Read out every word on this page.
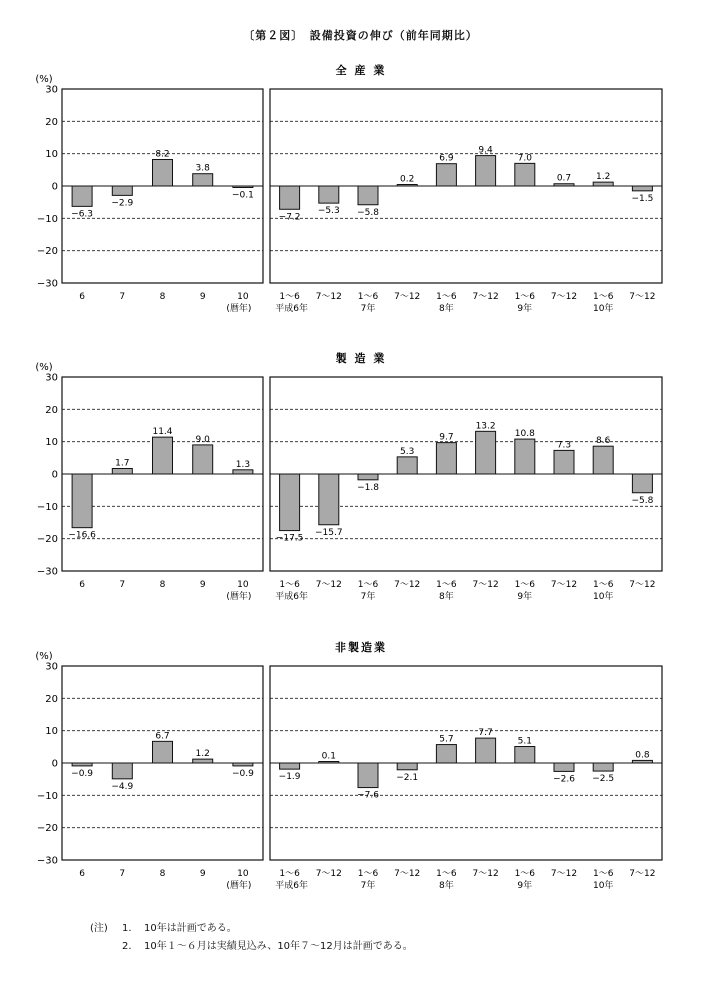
〔第２図〕　設備投資の伸び（前年同期比）
全 産 業
(%)
30
20
10
0
−10
−20
−30
−6.3
6
−2.9
7
8.2
8
3.8
9
−0.1
10
(暦年)
−7.2
1～6
平成6年
−5.3
7～12
−5.8
1～6
7年
0.2
7～12
6.9
1～6
8年
9.4
7～12
7.0
1～6
9年
0.7
7～12
1.2
1～6
10年
−1.5
7～12
製 造 業
(%)
30
20
10
0
−10
−20
−30
−16.6
6
1.7
7
11.4
8
9.0
9
1.3
10
(暦年)
−17.5
1～6
平成6年
−15.7
7～12
−1.8
1～6
7年
5.3
7～12
9.7
1～6
8年
13.2
7～12
10.8
1～6
9年
7.3
7～12
8.6
1～6
10年
−5.8
7～12
非製造業
(%)
30
20
10
0
−10
−20
−30
−0.9
6
−4.9
7
6.7
8
1.2
9
−0.9
10
(暦年)
−1.9
1～6
平成6年
0.1
7～12
−7.6
1～6
7年
−2.1
7～12
5.7
1～6
8年
7.7
7～12
5.1
1～6
9年
−2.6
7～12
−2.5
1～6
10年
0.8
7～12
(注) 1. 10年は計画である。
2. 10年１～６月は実績見込み、10年７～12月は計画である。
